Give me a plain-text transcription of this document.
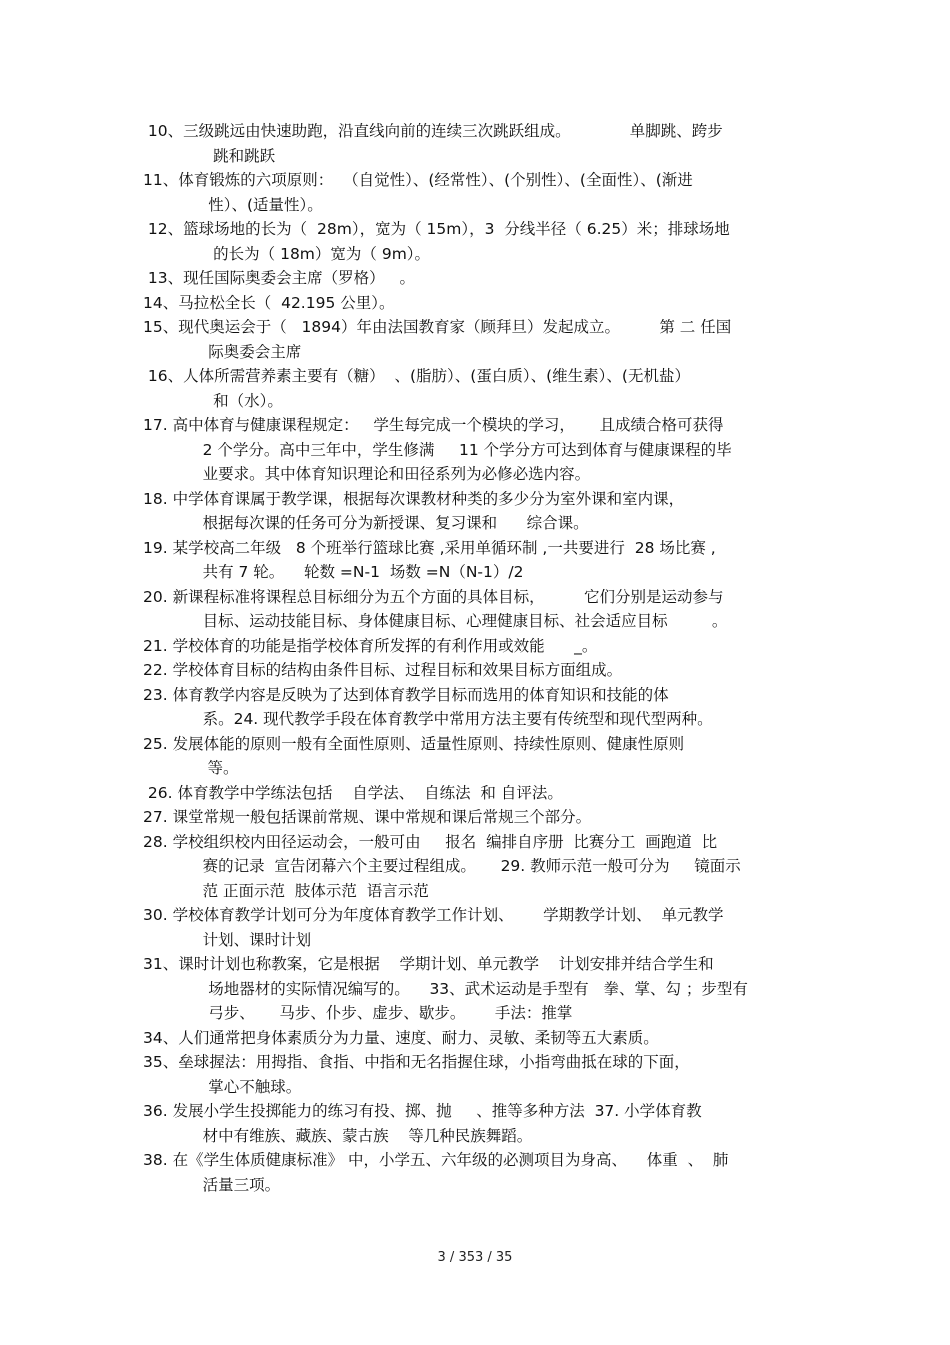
10、 三级跳远由快速助跑，沿直线向前的连续三次跳跃组成。            单脚跳、跨步
跳和跳跃
11、 体育锻炼的六项原则：  （自觉性）、(经常性）、(个别性）、(全面性）、(渐进
性）、(适量性）。
12、 篮球场地的长为（  28m），宽为（ 15m），3  分线半径（ 6.25）米；排球场地
的长为（ 18m）宽为（ 9m）。
13、 现任国际奥委会主席（罗格）   。
14、 马拉松全长（  42.195 公里）。
15、 现代奥运会于（   1894）年由法国教育家（顾拜旦）发起成立。        第 二 任国
际奥委会主席
16、 人体所需营养素主要有（糖）  、(脂肪）、(蛋白质）、(维生素）、(无机盐）
和（水）。
17. 高中体育与健康课程规定：   学生每完成一个模块的学习，     且成绩合格可获得
2 个学分。高中三年中，学生修满     11 个学分方可达到体育与健康课程的毕
业要求。其中体育知识理论和田径系列为必修必选内容。
18. 中学体育课属于教学课，根据每次课教材种类的多少分为室外课和室内课，
根据每次课的任务可分为新授课、复习课和      综合课。
19. 某学校高二年级   8 个班举行篮球比赛 ,采用单循环制 ,一共要进行  28 场比赛 ,
共有 7 轮。    轮数 =N-1  场数 =N（N-1）/2
20. 新课程标准将课程总目标细分为五个方面的具体目标，        它们分别是运动参与
目标、运动技能目标、身体健康目标、心理健康目标、社会适应目标         。
21. 学校体育的功能是指学校体育所发挥的有利作用或效能      _。
22. 学校体育目标的结构由条件目标、过程目标和效果目标方面组成。
23. 体育教学内容是反映为了达到体育教学目标而选用的体育知识和技能的体
系。24. 现代教学手段在体育教学中常用方法主要有传统型和现代型两种。
25. 发展体能的原则一般有全面性原则、适量性原则、持续性原则、健康性原则
等。
26. 体育教学中学练法包括    自学法、  自练法  和 自评法。
27. 课堂常规一般包括课前常规、课中常规和课后常规三个部分。
28. 学校组织校内田径运动会，一般可由     报名  编排自序册  比赛分工  画跑道  比
赛的记录  宣告闭幕六个主要过程组成。     29. 教师示范一般可分为     镜面示
范 正面示范  肢体示范  语言示范
30. 学校体育教学计划可分为年度体育教学工作计划、      学期教学计划、  单元教学
计划、课时计划
31、 课时计划也称教案，它是根据    学期计划、单元教学    计划安排并结合学生和
场地器材的实际情况编写的。    33、武术运动是手型有   拳、掌、勾 ；步型有
弓步、     马步、仆步、虚步、歇步。      手法：推掌
34、 人们通常把身体素质分为力量、速度、耐力、灵敏、柔韧等五大素质。
35、 垒球握法：用拇指、食指、中指和无名指握住球，小指弯曲抵在球的下面，
掌心不触球。
36. 发展小学生投掷能力的练习有投、掷、抛     、推等多种方法  37. 小学体育教
材中有维族、藏族、蒙古族    等几种民族舞蹈。
38. 在《学生体质健康标准》 中，小学五、六年级的必测项目为身高、    体重  、  肺
活量三项。
3 / 353 / 35
